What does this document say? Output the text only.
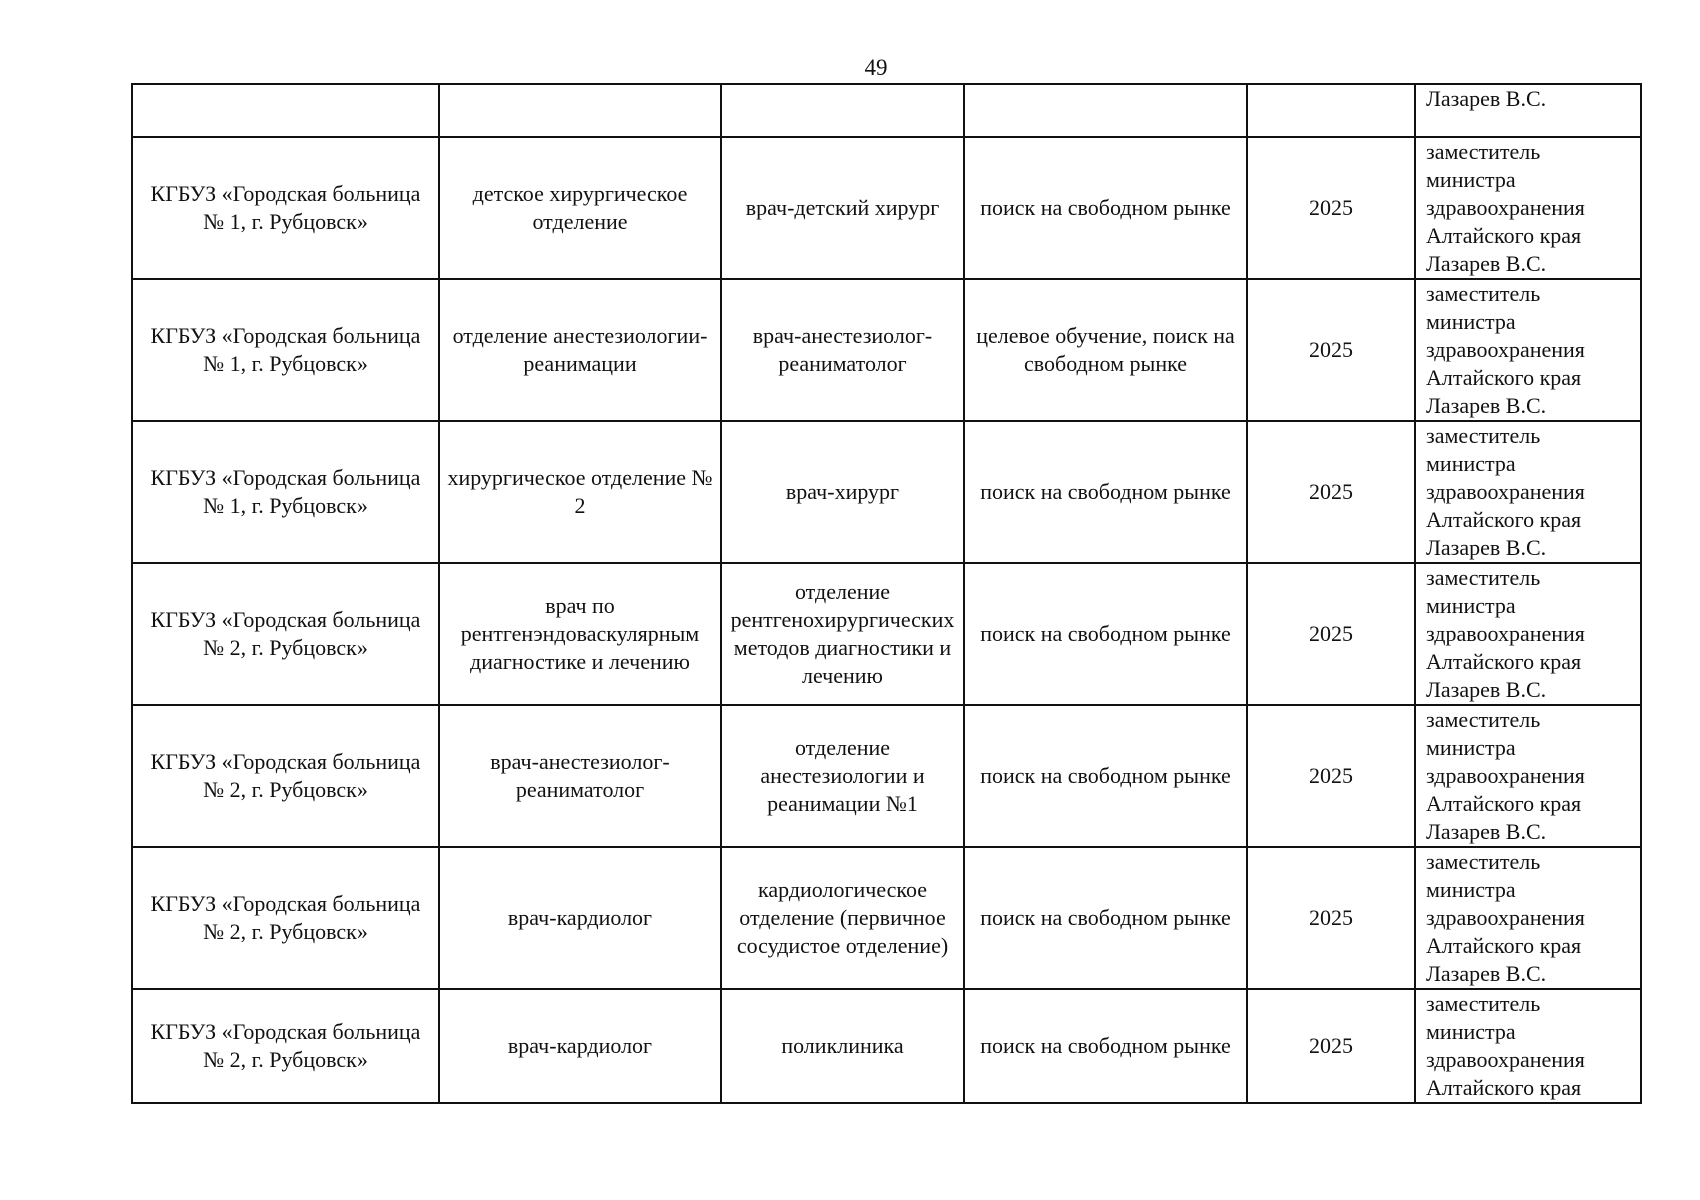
49

					Лазарев В.С.

КГБУЗ «Городская больница № 1, г. Рубцовск»	детское хирургическое отделение	врач-детский хирург	поиск на свободном рынке	2025	заместитель
министра
здравоохранения
Алтайского края
Лазарев В.С.

КГБУЗ «Городская больница № 1, г. Рубцовск»	отделение анестезиологии-реанимации	врач-анестезиолог-реаниматолог	целевое обучение, поиск на свободном рынке	2025	заместитель
министра
здравоохранения
Алтайского края
Лазарев В.С.

КГБУЗ «Городская больница № 1, г. Рубцовск»	хирургическое отделение № 2	врач-хирург	поиск на свободном рынке	2025	заместитель
министра
здравоохранения
Алтайского края
Лазарев В.С.

КГБУЗ «Городская больница № 2, г. Рубцовск»	врач по рентгенэндоваскулярным диагностике и лечению	отделение рентгенохирургических методов диагностики и лечению	поиск на свободном рынке	2025	заместитель
министра
здравоохранения
Алтайского края
Лазарев В.С.

КГБУЗ «Городская больница № 2, г. Рубцовск»	врач-анестезиолог-реаниматолог	отделение анестезиологии и реанимации №1	поиск на свободном рынке	2025	заместитель
министра
здравоохранения
Алтайского края
Лазарев В.С.

КГБУЗ «Городская больница № 2, г. Рубцовск»	врач-кардиолог	кардиологическое отделение (первичное сосудистое отделение)	поиск на свободном рынке	2025	заместитель
министра
здравоохранения
Алтайского края
Лазарев В.С.

КГБУЗ «Городская больница № 2, г. Рубцовск»	врач-кардиолог	поликлиника	поиск на свободном рынке	2025	заместитель
министра
здравоохранения
Алтайского края
